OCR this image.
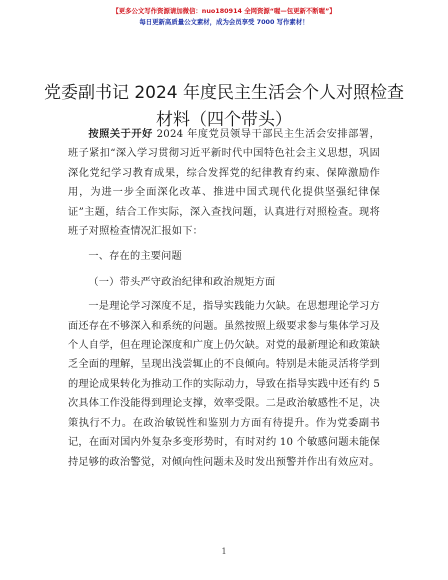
【更多公文写作资源请加微信：nuo180914 全网资源“喔—包更新不断喔”】
每日更新高质量公文素材，成为会员享受 7000 写作素材！
党委副书记 2024 年度民主生活会个人对照检查材料（四个带头）

按照关于开好 2024 年度党员领导干部民主生活会安排部署，班子紧扣“深入学习贯彻习近平新时代中国特色社会主义思想，巩固深化党纪学习教育成果，综合发挥党的纪律教育约束、保障激励作用，为进一步全面深化改革、推进中国式现代化提供坚强纪律保证”主题，结合工作实际，深入查找问题，认真进行对照检查。现将班子对照检查情况汇报如下：

一、存在的主要问题

（一）带头严守政治纪律和政治规矩方面

一是理论学习深度不足，指导实践能力欠缺。在思想理论学习方面还存在不够深入和系统的问题。虽然按照上级要求参与集体学习及个人自学，但在理论深度和广度上仍欠缺。对党的最新理论和政策缺乏全面的理解，呈现出浅尝辄止的不良倾向。特别是未能灵活将学到的理论成果转化为推动工作的实际动力，导致在指导实践中还有约 5 次具体工作没能得到理论支撑，效率受限。二是政治敏感性不足，决策执行不力。在政治敏锐性和鉴别力方面有待提升。作为党委副书记，在面对国内外复杂多变形势时，有时对约 10 个敏感问题未能保持足够的政治警觉，对倾向性问题未及时发出预警并作出有效应对。

1
